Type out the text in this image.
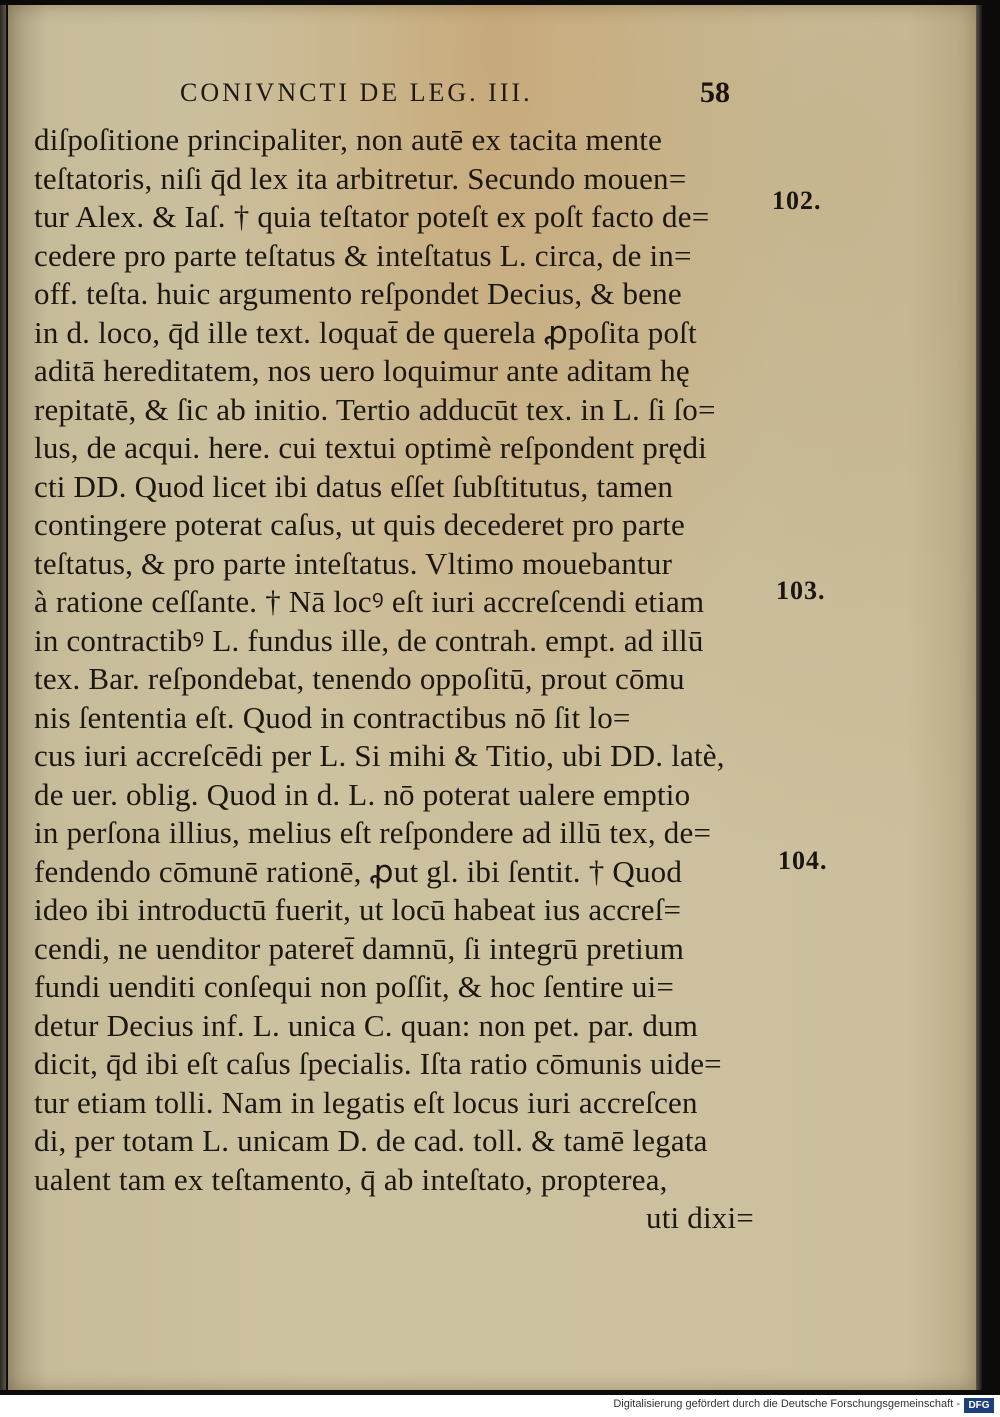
CONIVNCTI DE LEG. III.	58
diſpoſitione principaliter, non autē ex tacita mente
teſtatoris, niſi q̄d lex ita arbitretur. Secundo mouen=
tur Alex. & Iaſ. † quia teſtator poteſt ex poſt facto de=
cedere pro parte teſtatus & inteſtatus L. circa, de in=
off. teſta. huic argumento reſpondet Decius, & bene
in d. loco, q̄d ille text. loquat̄ de querela ꝓpoſita poſt
aditā hereditatem, nos uero loquimur ante aditam hę
repitatē, & ſic ab initio. Tertio adducūt tex. in L. ſi ſo=
lus, de acqui. here. cui textui optimè reſpondent prędi
cti DD. Quod licet ibi datus eſſet ſubſtitutus, tamen
contingere poterat caſus, ut quis decederet pro parte
teſtatus, & pro parte inteſtatus. Vltimo mouebantur
à ratione ceſſante. † Nā locꝰ eſt iuri accreſcendi etiam
in contractibꝰ L. fundus ille, de contrah. empt. ad illū
tex. Bar. reſpondebat, tenendo oppoſitū, prout cōmu
nis ſententia eſt. Quod in contractibus nō ſit lo=
cus iuri accreſcēdi per L. Si mihi & Titio, ubi DD. latè,
de uer. oblig. Quod in d. L. nō poterat ualere emptio
in perſona illius, melius eſt reſpondere ad illū tex, de=
fendendo cōmunē rationē, ꝓut gl. ibi ſentit. † Quod
ideo ibi introductū fuerit, ut locū habeat ius accreſ=
cendi, ne uenditor pateret̄ damnū, ſi integrū pretium
fundi uenditi conſequi non poſſit, & hoc ſentire ui=
detur Decius inf. L. unica C. quan: non pet. par. dum
dicit, q̄d ibi eſt caſus ſpecialis. Iſta ratio cōmunis uide=
tur etiam tolli. Nam in legatis eſt locus iuri accreſcen
di, per totam L. unicam D. de cad. toll. & tamē legata
ualent tam ex teſtamento, q̄ ab inteſtato, propterea,
uti dixi=
102.
103.
104.
Digitalisierung gefördert durch die Deutsche Forschungsgemeinschaft - DFG
